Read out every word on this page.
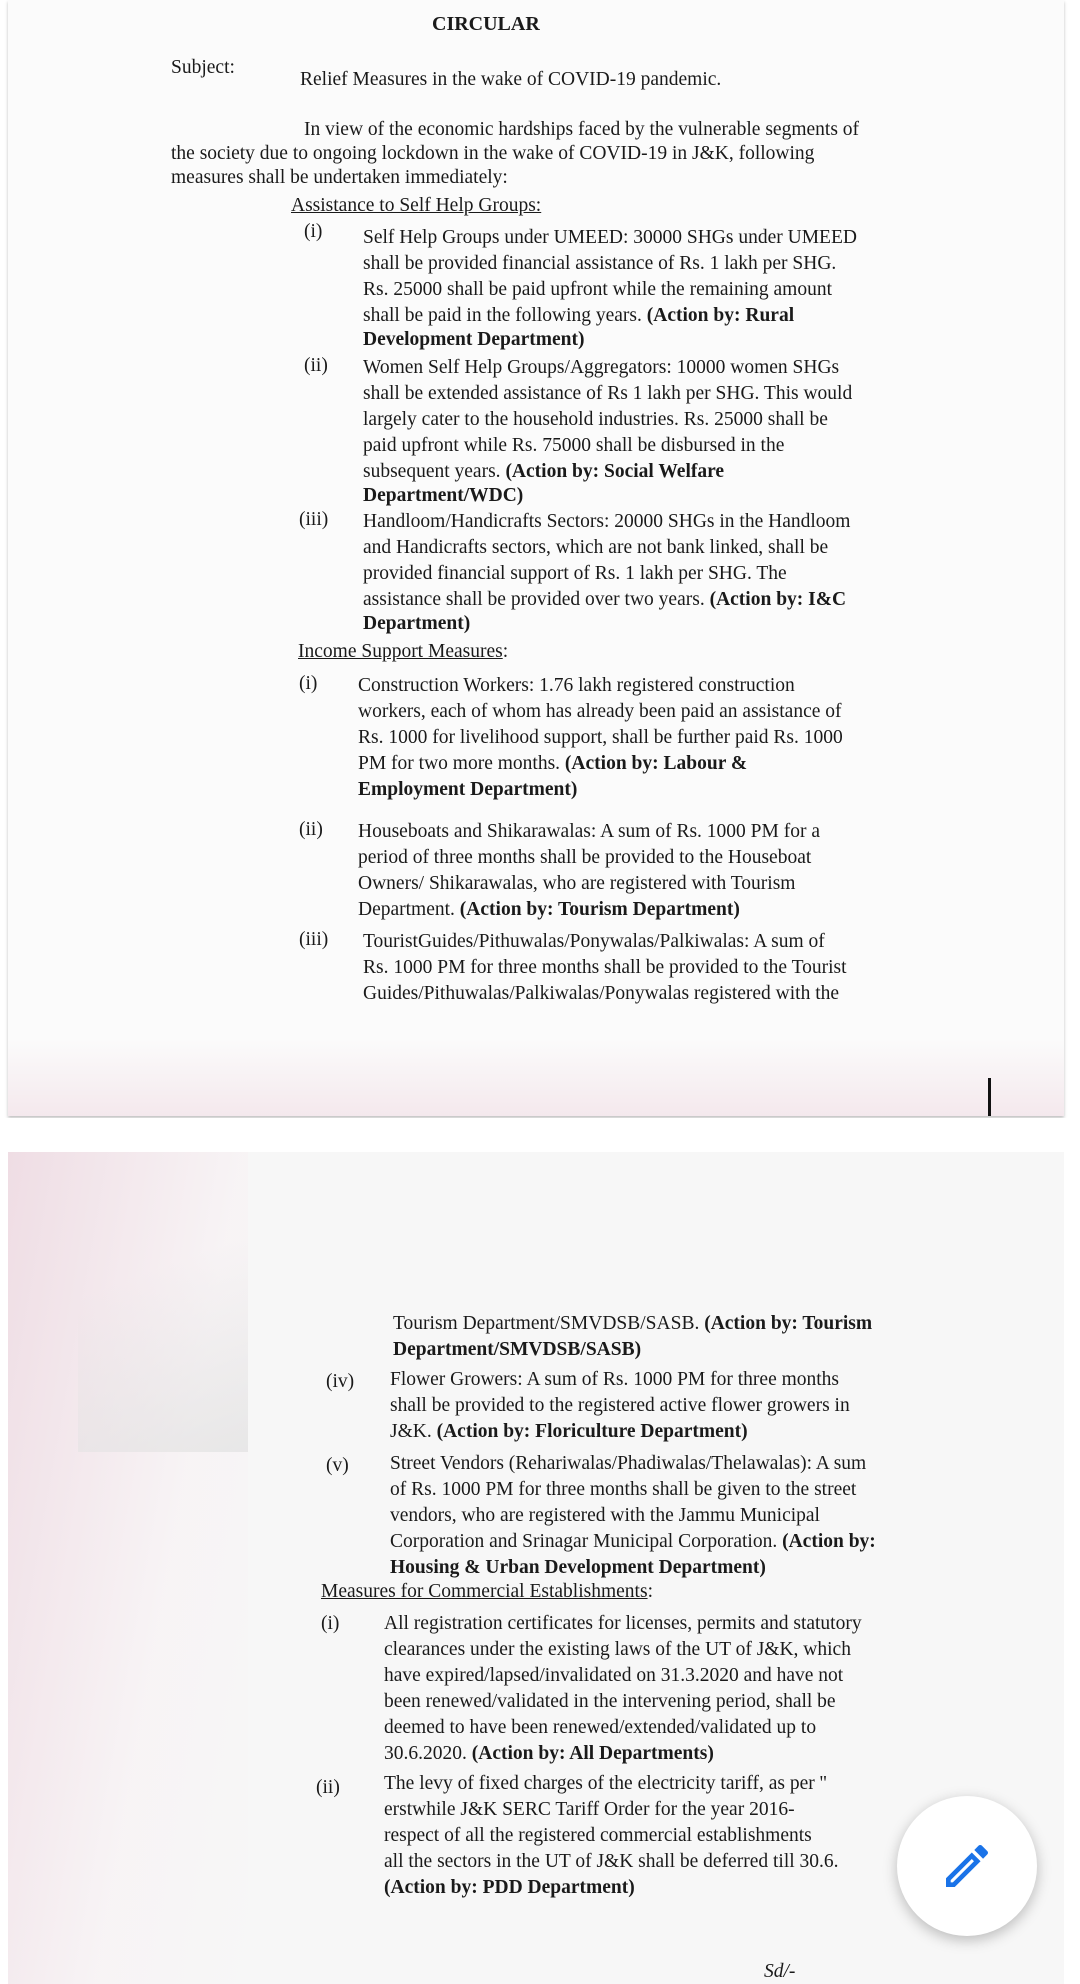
CIRCULAR
Subject:
Relief Measures in the wake of COVID-19 pandemic.
In view of the economic hardships faced by the vulnerable segments of
the society due to ongoing lockdown in the wake of COVID-19 in J&K, following
measures shall be undertaken immediately:
Assistance to Self Help Groups:
(i) Self Help Groups under UMEED: 30000 SHGs under UMEED
shall be provided financial assistance of Rs. 1 lakh per SHG.
Rs. 25000 shall be paid upfront while the remaining amount
shall be paid in the following years. (Action by: Rural
Development Department)
(ii) Women Self Help Groups/Aggregators: 10000 women SHGs
shall be extended assistance of Rs 1 lakh per SHG. This would
largely cater to the household industries. Rs. 25000 shall be
paid upfront while Rs. 75000 shall be disbursed in the
subsequent years. (Action by: Social Welfare
Department/WDC)
(iii) Handloom/Handicrafts Sectors: 20000 SHGs in the Handloom
and Handicrafts sectors, which are not bank linked, shall be
provided financial support of Rs. 1 lakh per SHG. The
assistance shall be provided over two years. (Action by: I&C
Department)
Income Support Measures:
(i) Construction Workers: 1.76 lakh registered construction
workers, each of whom has already been paid an assistance of
Rs. 1000 for livelihood support, shall be further paid Rs. 1000
PM for two more months. (Action by: Labour &
Employment Department)
(ii) Houseboats and Shikarawalas: A sum of Rs. 1000 PM for a
period of three months shall be provided to the Houseboat
Owners/ Shikarawalas, who are registered with Tourism
Department. (Action by: Tourism Department)
(iii) TouristGuides/Pithuwalas/Ponywalas/Palkiwalas: A sum of
Rs. 1000 PM for three months shall be provided to the Tourist
Guides/Pithuwalas/Palkiwalas/Ponywalas registered with the
Tourism Department/SMVDSB/SASB. (Action by: Tourism
Department/SMVDSB/SASB)
(iv) Flower Growers: A sum of Rs. 1000 PM for three months
shall be provided to the registered active flower growers in
J&K. (Action by: Floriculture Department)
(v) Street Vendors (Rehariwalas/Phadiwalas/Thelawalas): A sum
of Rs. 1000 PM for three months shall be given to the street
vendors, who are registered with the Jammu Municipal
Corporation and Srinagar Municipal Corporation. (Action by:
Housing & Urban Development Department)
Measures for Commercial Establishments:
(i) All registration certificates for licenses, permits and statutory
clearances under the existing laws of the UT of J&K, which
have expired/lapsed/invalidated on 31.3.2020 and have not
been renewed/validated in the intervening period, shall be
deemed to have been renewed/extended/validated up to
30.6.2020. (Action by: All Departments)
(ii) The levy of fixed charges of the electricity tariff, as per ''
erstwhile J&K SERC Tariff Order for the year 2016-
respect of all the registered commercial establishments
all the sectors in the UT of J&K shall be deferred till 30.6.
(Action by: PDD Department)
Sd/-
